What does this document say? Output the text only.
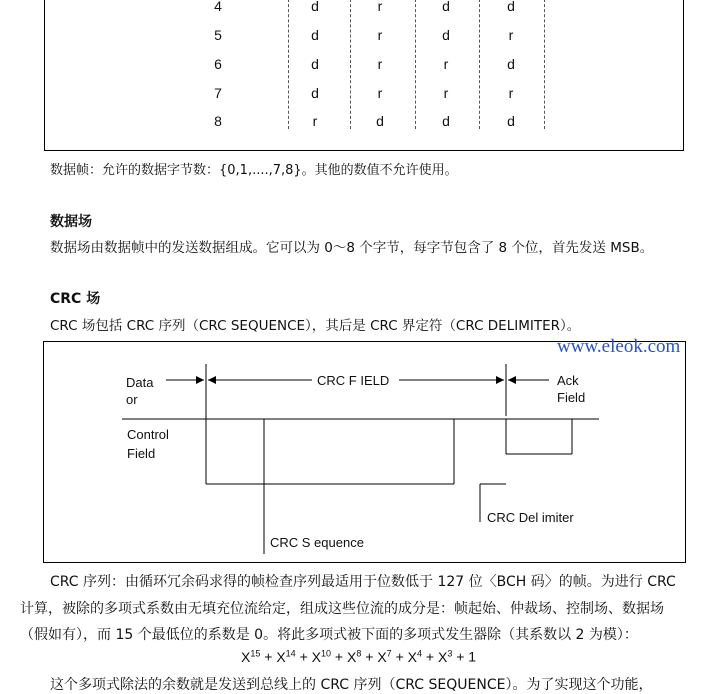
4	d	r	d	d
5	d	r	d	r
6	d	r	r	d
7	d	r	r	r
8	r	d	d	d
数据帧：允许的数据字节数：{0,1,....,7,8}。其他的数值不允许使用。
数据场
数据场由数据帧中的发送数据组成。它可以为 0～8 个字节，每字节包含了 8 个位，首先发送 MSB。
CRC 场
CRC 场包括 CRC 序列（CRC SEQUENCE），其后是 CRC 界定符（CRC DELIMITER）。
Data
or
CRC F IELD	Ack
Field
Control
Field
CRC Del imiter
CRC S equence
www.eleok.com
CRC 序列：由循环冗余码求得的帧检查序列最适用于位数低于 127 位〈BCH 码〉的帧。为进行 CRC
计算，被除的多项式系数由无填充位流给定，组成这些位流的成分是：帧起始、仲裁场、控制场、数据场
（假如有），而 15 个最低位的系数是 0。将此多项式被下面的多项式发生器除（其系数以 2 为模）：
$X^{15} + X^{14} + X^{10} + X^8 + X^7 + X^4 + X^3 + 1$
这个多项式除法的余数就是发送到总线上的 CRC 序列（CRC SEQUENCE）。为了实现这个功能，
